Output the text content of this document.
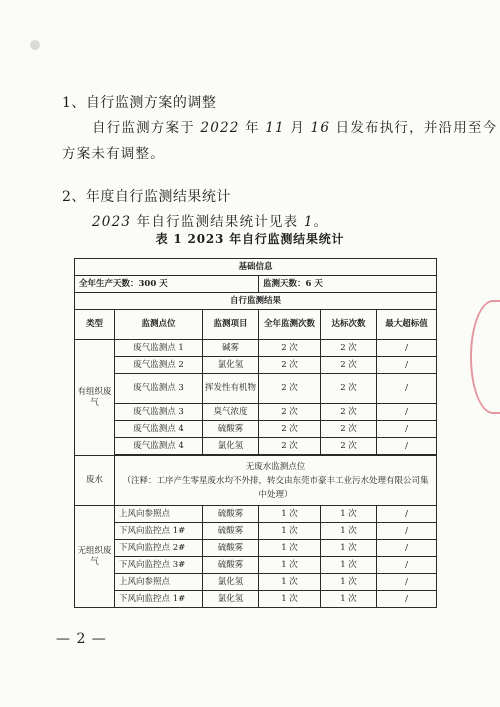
1、自行监测方案的调整
自行监测方案于 2022 年 11 月 16 日发布执行，并沿用至今
方案未有调整。
2、年度自行监测结果统计
2023 年自行监测结果统计见表 1。
表 1 2023 年自行监测结果统计
基础信息					
全年生产天数：300 天			监测天数：6 天		
自行监测结果					
类型	监测点位	监测项目	全年监测次数	达标次数	最大超标值
有组织废气	废气监测点 1	碱雾	2 次	2 次	/
	废气监测点 2	氯化氢	2 次	2 次	/
	废气监测点 3	挥发性有机物	2 次	2 次	/
	废气监测点 3	臭气浓度	2 次	2 次	/
	废气监测点 4	硫酸雾	2 次	2 次	/
	废气监测点 4	氯化氢	2 次	2 次	/

废水	无废水监测点位
（注释：工序产生零星废水均不外排，转交由东莞市豪丰工业污水处理有限公司集
中处理）				

无组织废气	上风向参照点	硫酸雾	1 次	1 次	/
	下风向监控点 1#	硫酸雾	1 次	1 次	/
	下风向监控点 2#	硫酸雾	1 次	1 次	/
	下风向监控点 3#	硫酸雾	1 次	1 次	/
	上风向参照点	氯化氢	1 次	1 次	/
	下风向监控点 1#	氯化氢	1 次	1 次	/
— 2 —
